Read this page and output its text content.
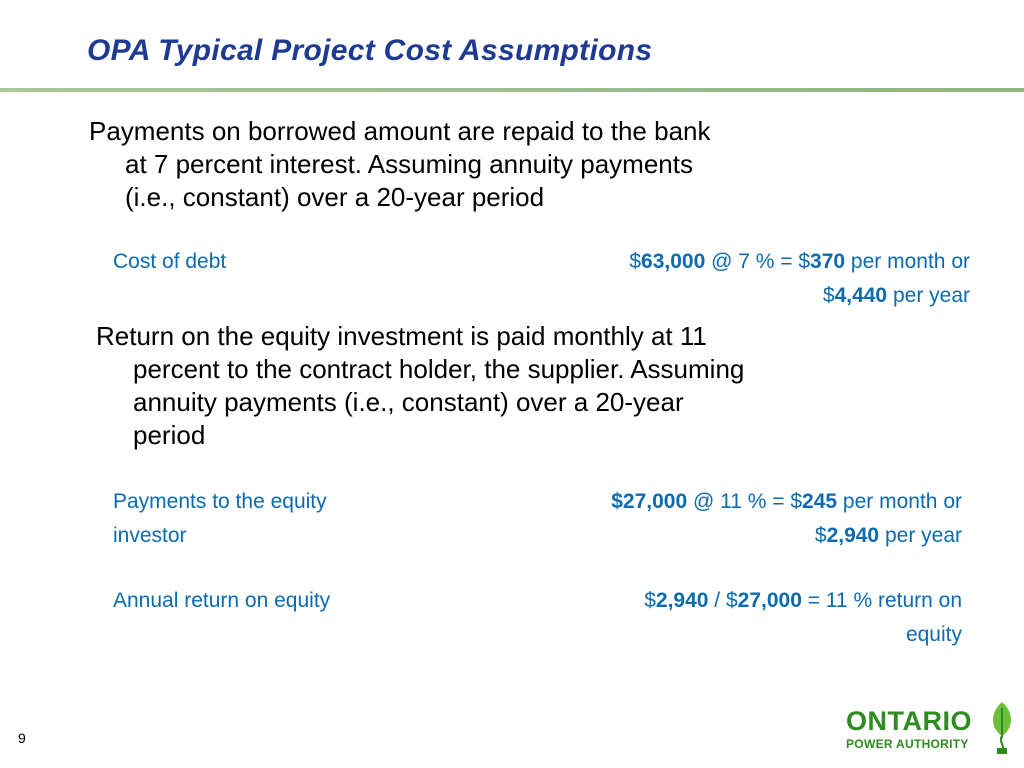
OPA Typical Project Cost Assumptions
Payments on borrowed amount are repaid to the bank
at 7 percent interest. Assuming annuity payments
(i.e., constant) over a 20-year period
Cost of debt	$63,000 @ 7 % = $370 per month or
$4,440 per year
Return on the equity investment is paid monthly at 11
percent to the contract holder, the supplier. Assuming
annuity payments (i.e., constant) over a 20-year
period
Payments to the equity
investor
$27,000 @ 11 % = $245 per month or
$2,940 per year
Annual return on equity	$2,940 / $27,000 = 11 % return on
equity
9
ONTARIO
POWER AUTHORITY
